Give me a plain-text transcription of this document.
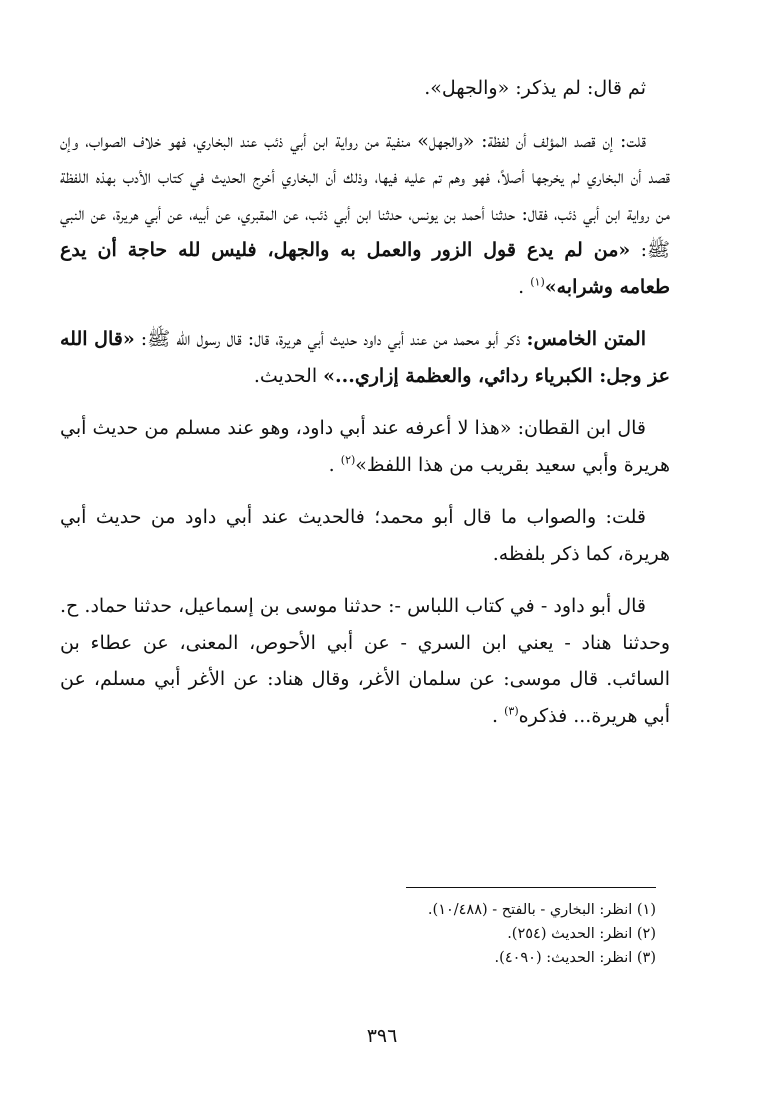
ثم قال: لم يذكر: «والجهل».

قلت: إن قصد المؤلف أن لفظة: «والجهل» منفية من رواية ابن أبي ذئب عند البخاري، فهو خلاف الصواب، وإن قصد أن البخاري لم يخرجها أصلاً، فهو وهم تم عليه فيها، وذلك أن البخاري أخرج الحديث في كتاب الأدب بهذه اللفظة من رواية ابن أبي ذئب، فقال: حدثنا أحمد بن يونس، حدثنا ابن أبي ذئب، عن المقبري، عن أبيه، عن أبي هريرة، عن النبي ﷺ: «من لم يدع قول الزور والعمل به والجهل، فليس لله حاجة أن يدع طعامه وشرابه»$^{(١)}$ .

المتن الخامس: ذكر أبو محمد من عند أبي داود حديث أبي هريرة، قال: قال رسول الله ﷺ: «قال الله عز وجل: الكبرياء ردائي، والعظمة إزاري...» الحديث.

قال ابن القطان: «هذا لا أعرفه عند أبي داود، وهو عند مسلم من حديث أبي هريرة وأبي سعيد بقريب من هذا اللفظ»$^{(٢)}$ .

قلت: والصواب ما قال أبو محمد؛ فالحديث عند أبي داود من حديث أبي هريرة، كما ذكر بلفظه.

قال أبو داود - في كتاب اللباس -: حدثنا موسى بن إسماعيل، حدثنا حماد. ح. وحدثنا هناد - يعني ابن السري - عن أبي الأحوص، المعنى، عن عطاء بن السائب. قال موسى: عن سلمان الأغر، وقال هناد: عن الأغر أبي مسلم، عن أبي هريرة... فذكره$^{(٣)}$ .

(١) انظر: البخاري - بالفتح - (١٠/٤٨٨).

(٢) انظر: الحديث (٢٥٤).

(٣) انظر: الحديث: (٤٠٩٠).

٣٩٦
